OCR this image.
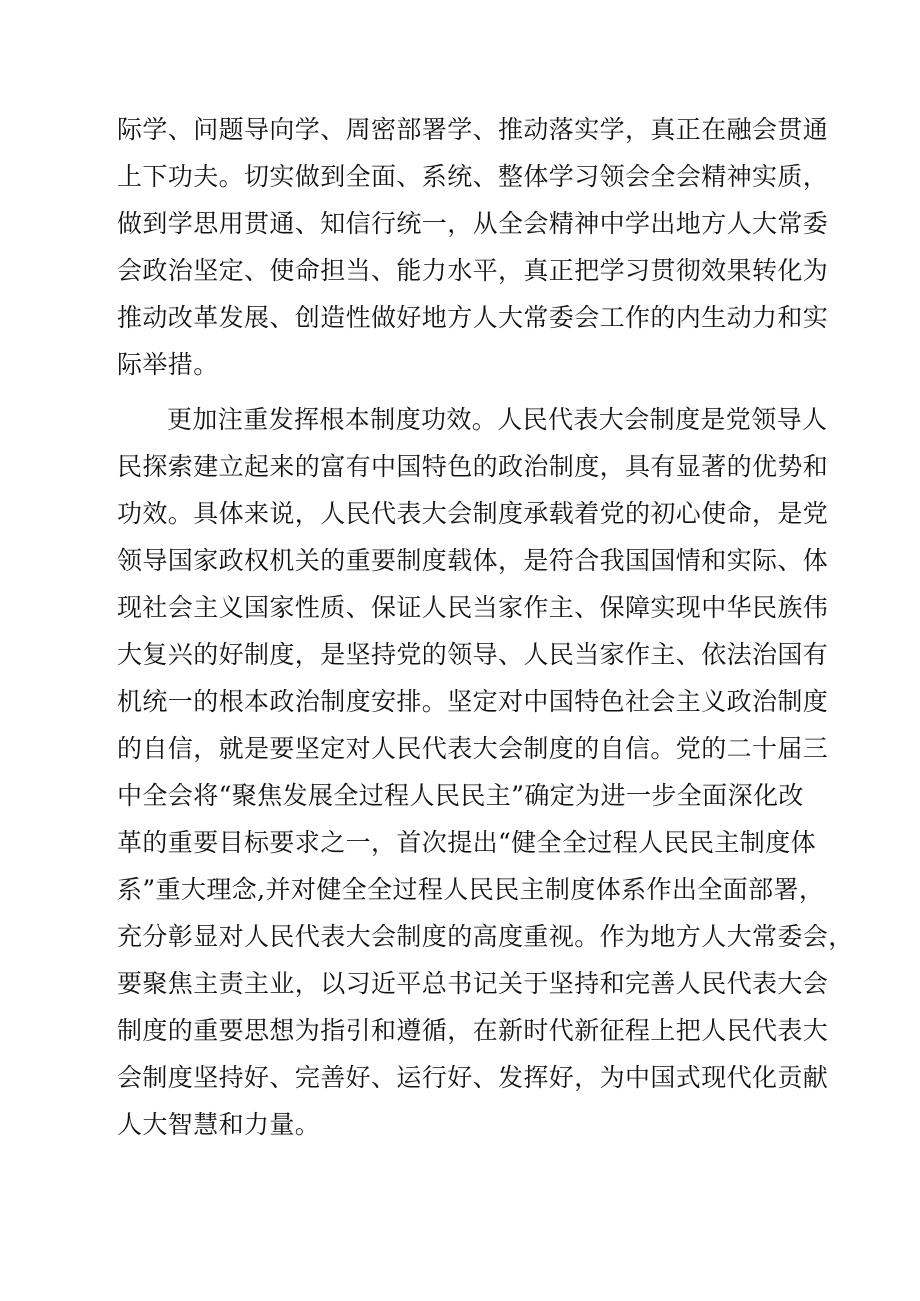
际学、问题导向学、周密部署学、推动落实学，真正在融会贯通
上下功夫。切实做到全面、系统、整体学习领会全会精神实质，
做到学思用贯通、知信行统一，从全会精神中学出地方人大常委
会政治坚定、使命担当、能力水平，真正把学习贯彻效果转化为
推动改革发展、创造性做好地方人大常委会工作的内生动力和实
际举措。
更加注重发挥根本制度功效。人民代表大会制度是党领导人
民探索建立起来的富有中国特色的政治制度，具有显著的优势和
功效。具体来说，人民代表大会制度承载着党的初心使命，是党
领导国家政权机关的重要制度载体，是符合我国国情和实际、体
现社会主义国家性质、保证人民当家作主、保障实现中华民族伟
大复兴的好制度，是坚持党的领导、人民当家作主、依法治国有
机统一的根本政治制度安排。坚定对中国特色社会主义政治制度
的自信，就是要坚定对人民代表大会制度的自信。党的二十届三
中全会将“聚焦发展全过程人民民主”确定为进一步全面深化改
革的重要目标要求之一，首次提出“健全全过程人民民主制度体
系”重大理念,并对健全全过程人民民主制度体系作出全面部署，
充分彰显对人民代表大会制度的高度重视。作为地方人大常委会，
要聚焦主责主业，以习近平总书记关于坚持和完善人民代表大会
制度的重要思想为指引和遵循，在新时代新征程上把人民代表大
会制度坚持好、完善好、运行好、发挥好，为中国式现代化贡献
人大智慧和力量。
